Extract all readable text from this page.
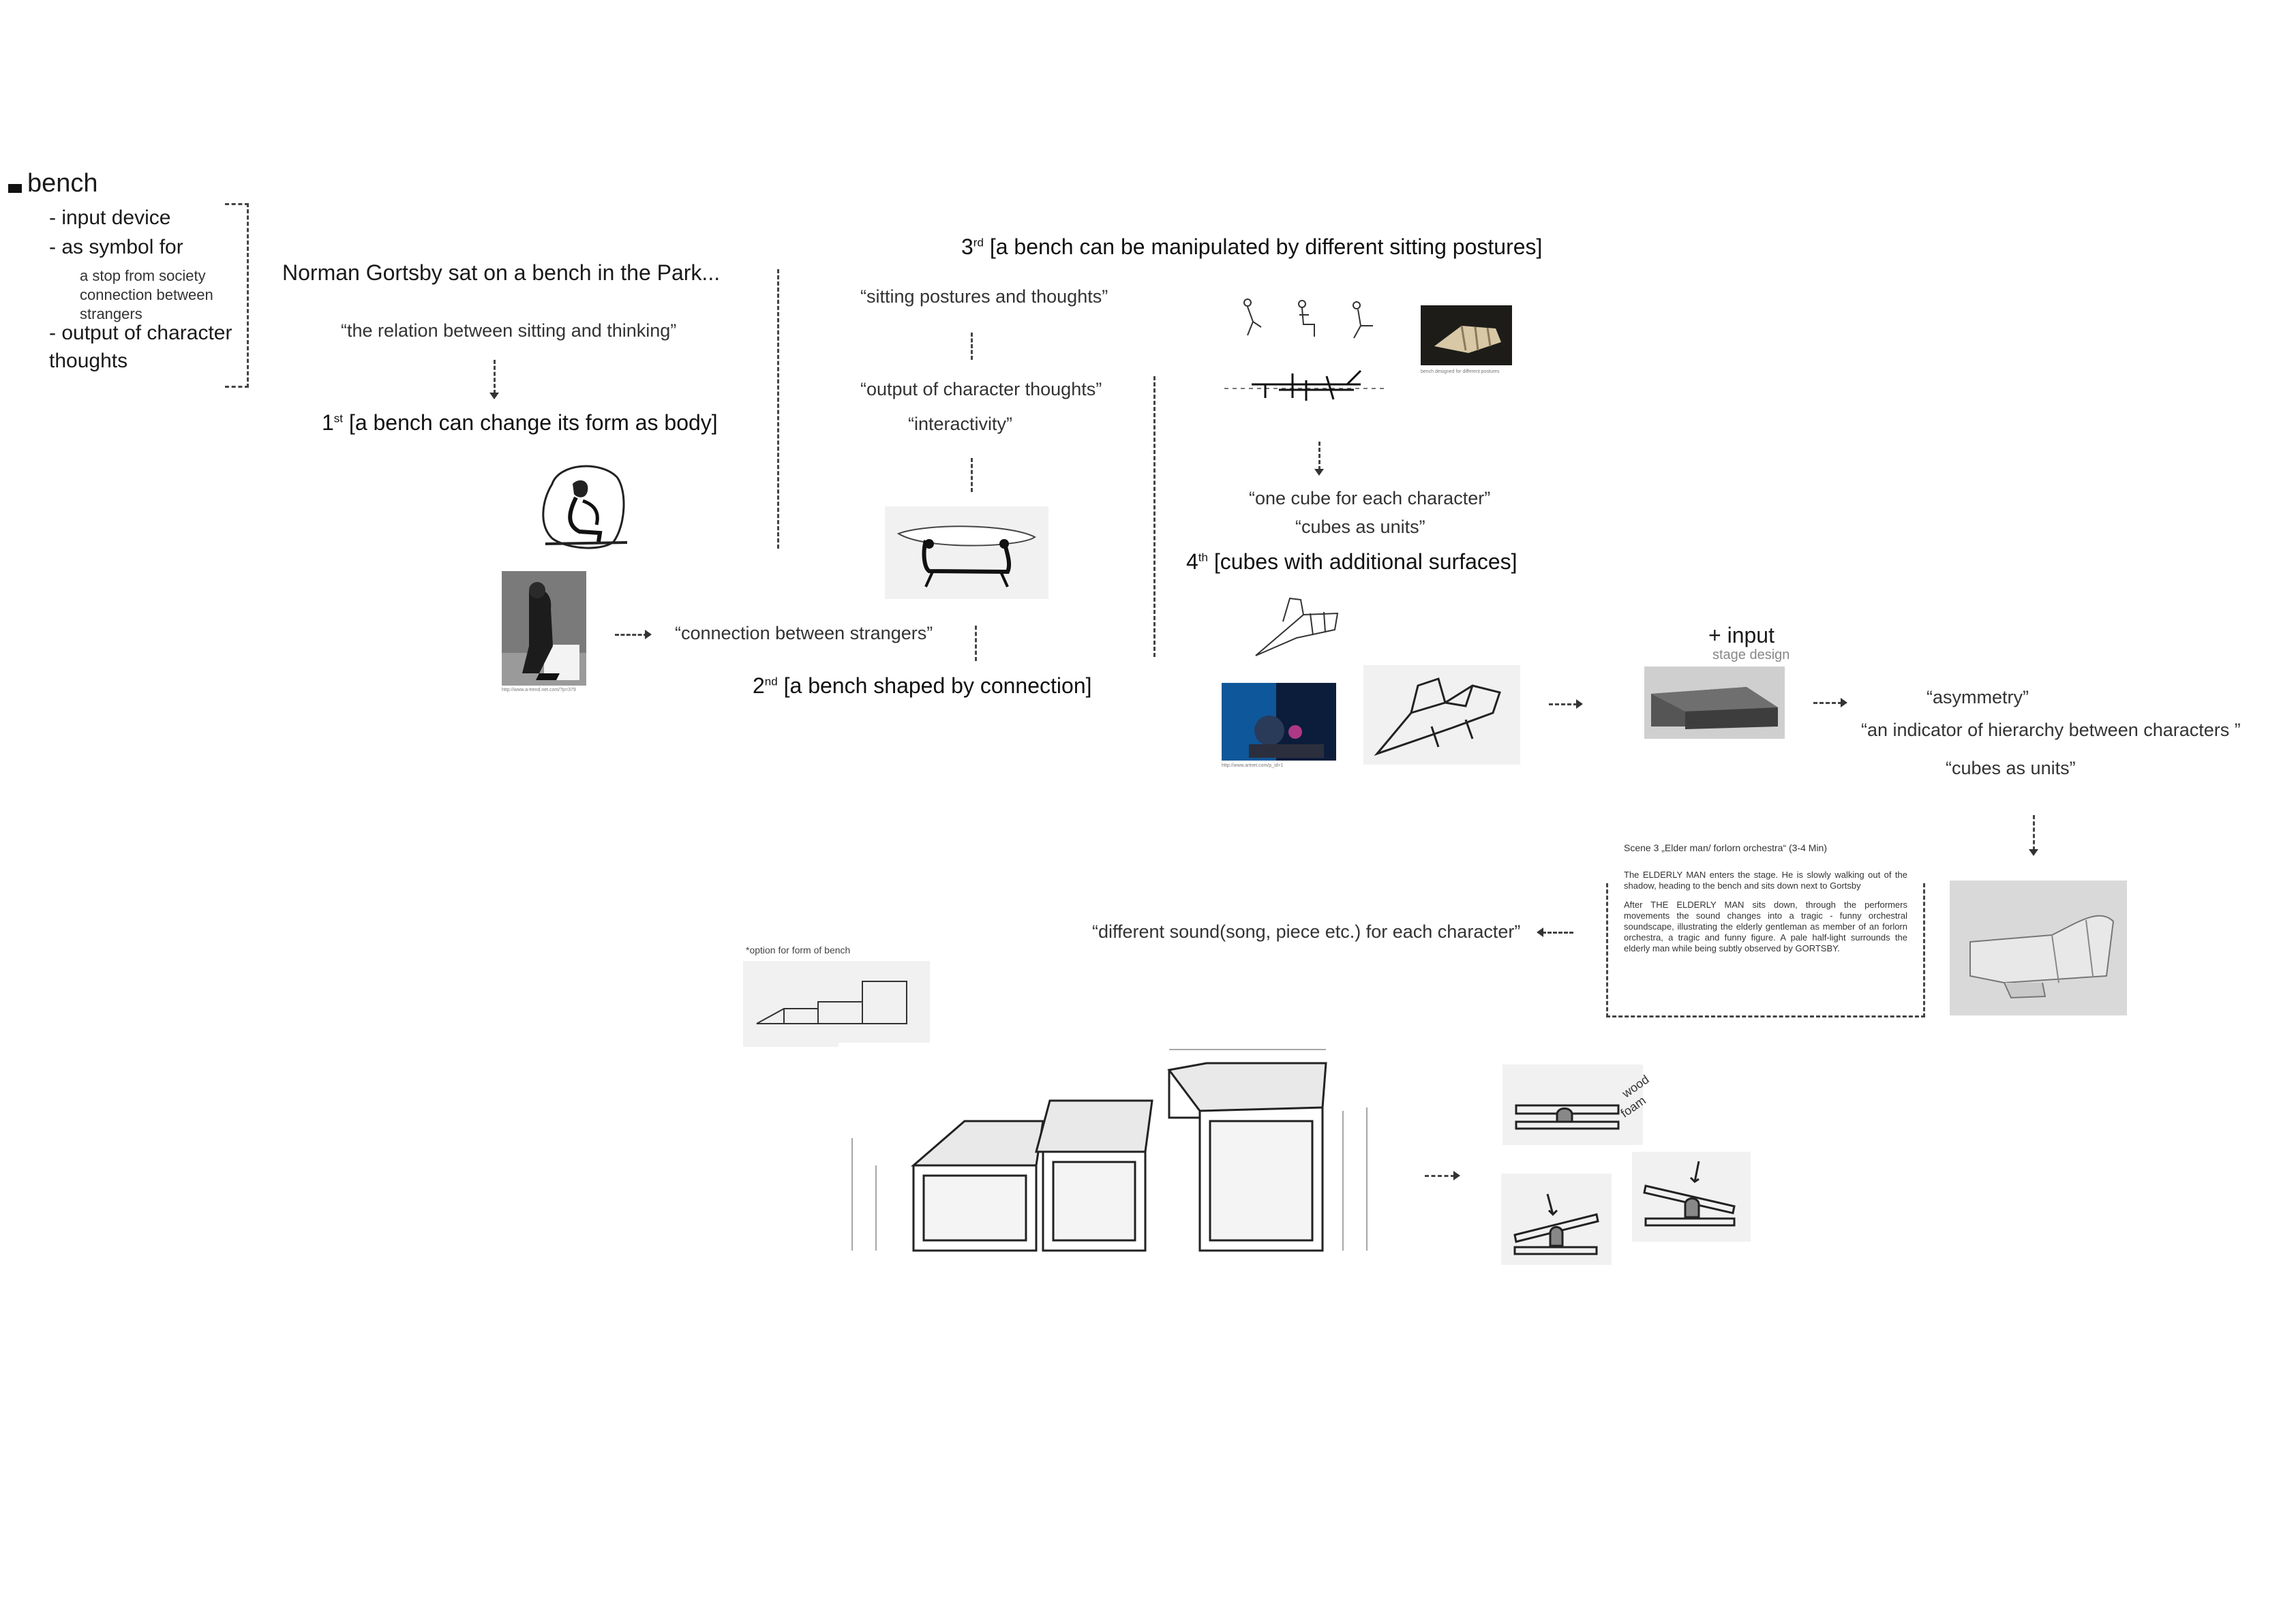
bench
- input device
- as symbol for
a stop from society
connection between
strangers
- output of character
thoughts
Norman Gortsby sat on a bench in the Park...
“the relation between sitting and thinking”
1st [a bench can change its form as body]
http://www.a-trend.net.com/?p=379
“connection between strangers”
“sitting postures and thoughts”
“output of character thoughts”
“interactivity”
2nd [a bench shaped by connection]
3rd [a bench can be manipulated by different sitting postures]
bench designed for different postures
“one cube for each character”
“cubes as units”
4th [cubes with additional surfaces]
http://www.artnet.com/p_id=1
+ input
stage design
“asymmetry”
“an indicator of hierarchy between characters ”
“cubes as units”
Scene 3 „Elder man/ forlorn orchestra“ (3-4 Min)

The ELDERLY MAN enters the stage. He is slowly walking out of the shadow, heading to the bench and sits down next to Gortsby

After THE ELDERLY MAN sits down, through the performers movements the sound changes into a tragic - funny orchestral soundscape, illustrating the elderly gentleman as member of an forlorn orchestra, a tragic and funny figure. A pale half-light surrounds the elderly man while being subtly observed by GORTSBY.

“different sound(song, piece etc.) for each character”
*option for form of bench
wood
foam
